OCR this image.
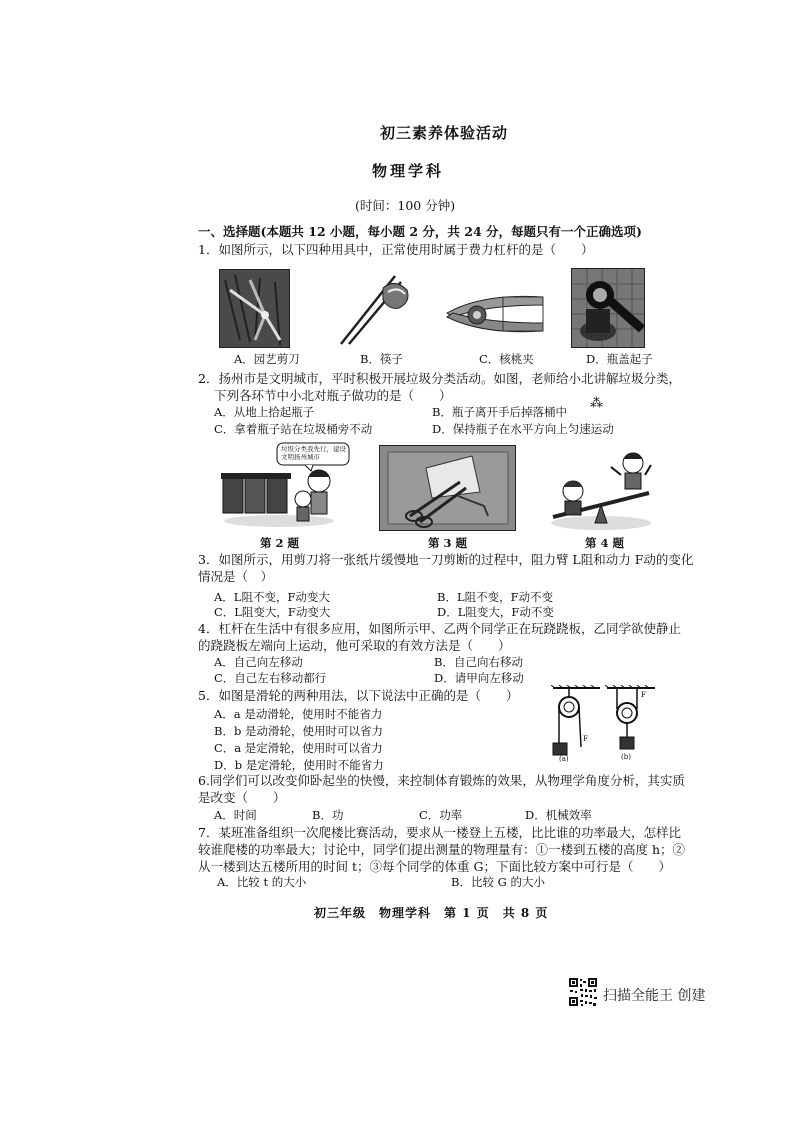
初三素养体验活动
物理学科
(时间：100 分钟)
一、选择题(本题共 12 小题，每小题 2 分，共 24 分，每题只有一个正确选项)
1．如图所示，以下四种用具中，正常使用时属于费力杠杆的是（　　）
A．园艺剪刀	B．筷子	C．核桃夹	D．瓶盖起子
2．扬州市是文明城市，平时积极开展垃圾分类活动。如图，老师给小北讲解垃圾分类，
下列各环节中小北对瓶子做功的是（　　）
A．从地上拾起瓶子	B．瓶子离开手后掉落桶中
C．拿着瓶子站在垃圾桶旁不动	D．保持瓶子在水平方向上匀速运动
⁂
垃圾分类我先行，建设文明扬州城市
第 2 题	第 3 题	第 4 题
3．如图所示，用剪刀将一张纸片缓慢地一刀剪断的过程中，阻力臂 L阻和动力 F动的变化
情况是（　）
A．L阻不变，F动变大	B．L阻不变，F动不变
C．L阻变大，F动变大	D．L阻变大，F动不变
4．杠杆在生活中有很多应用，如图所示甲、乙两个同学正在玩跷跷板，乙同学欲使静止
的跷跷板左端向上运动，他可采取的有效方法是（　　）
A．自己向左移动	B．自己向右移动
C．自己左右移动都行	D．请甲向左移动
5．如图是滑轮的两种用法，以下说法中正确的是（　　）
A．a 是动滑轮，使用时不能省力
B．b 是动滑轮，使用时可以省力
C．a 是定滑轮，使用时可以省力
D．b 是定滑轮，使用时不能省力
F
F
(a)	(b)
6.同学们可以改变仰卧起坐的快慢，来控制体育锻炼的效果，从物理学角度分析，其实质
是改变（　　）
A．时间	B．功	C．功率	D．机械效率
7．某班准备组织一次爬楼比赛活动，要求从一楼登上五楼，比比谁的功率最大，怎样比
较谁爬楼的功率最大；讨论中，同学们提出测量的物理量有：①一楼到五楼的高度 h；②
从一楼到达五楼所用的时间 t；③每个同学的体重 G；下面比较方案中可行是（　　）
A．比较 t 的大小	B．比较 G 的大小
初三年级　物理学科　第 1 页　共 8 页
扫描全能王 创建
